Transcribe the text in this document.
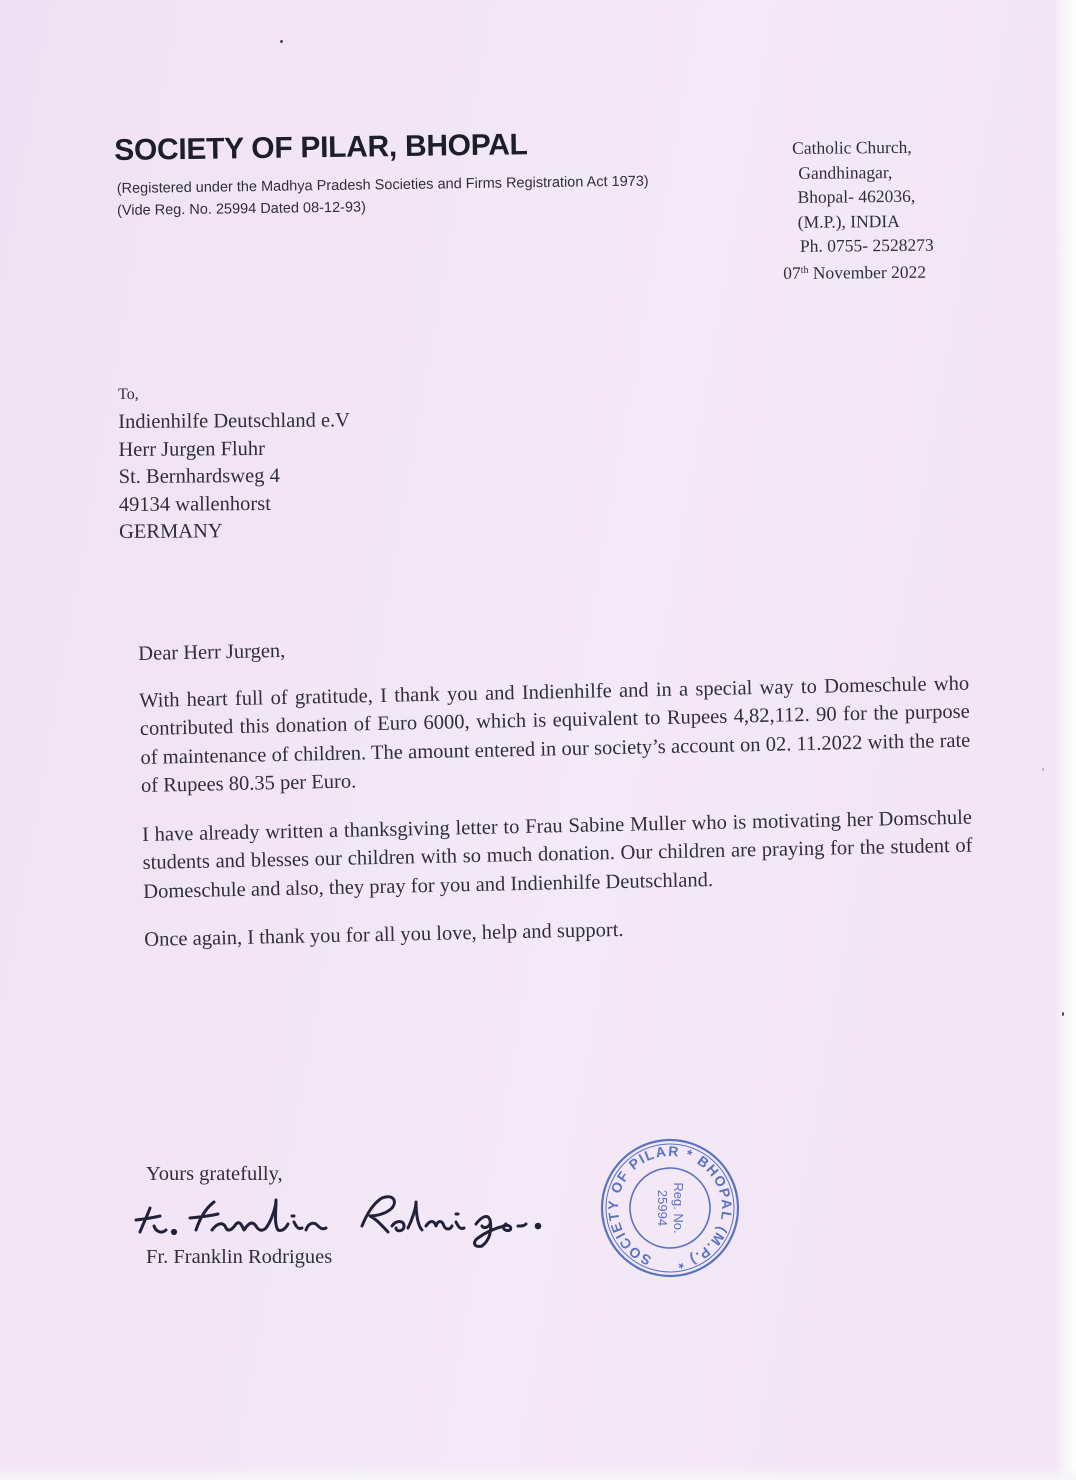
SOCIETY OF PILAR, BHOPAL
(Registered under the Madhya Pradesh Societies and Firms Registration Act 1973)
(Vide Reg. No. 25994 Dated 08-12-93)
Catholic Church,
Gandhinagar,
Bhopal- 462036,
(M.P.), INDIA
Ph. 0755- 2528273
07th November 2022
To,
Indienhilfe Deutschland e.V
Herr Jurgen Fluhr
St. Bernhardsweg 4
49134 wallenhorst
GERMANY

Dear Herr Jurgen,

With heart full of gratitude, I thank you and Indienhilfe and in a special way to Domeschule who contributed this donation of Euro 6000, which is equivalent to Rupees 4,82,112. 90 for the purpose of maintenance of children. The amount entered in our society’s account on 02. 11.2022 with the rate of Rupees 80.35 per Euro.

I have already written a thanksgiving letter to Frau Sabine Muller who is motivating her Domschule students and blesses our children with so much donation. Our children are praying for the student of Domeschule and also, they pray for you and Indienhilfe Deutschland.

Once again, I thank you for all you love, help and support.

Yours gratefully,
Fr. Franklin Rodrigues	SOCIETY OF PILAR * BHOPAL (M.P.) *
Reg. No.
25994
